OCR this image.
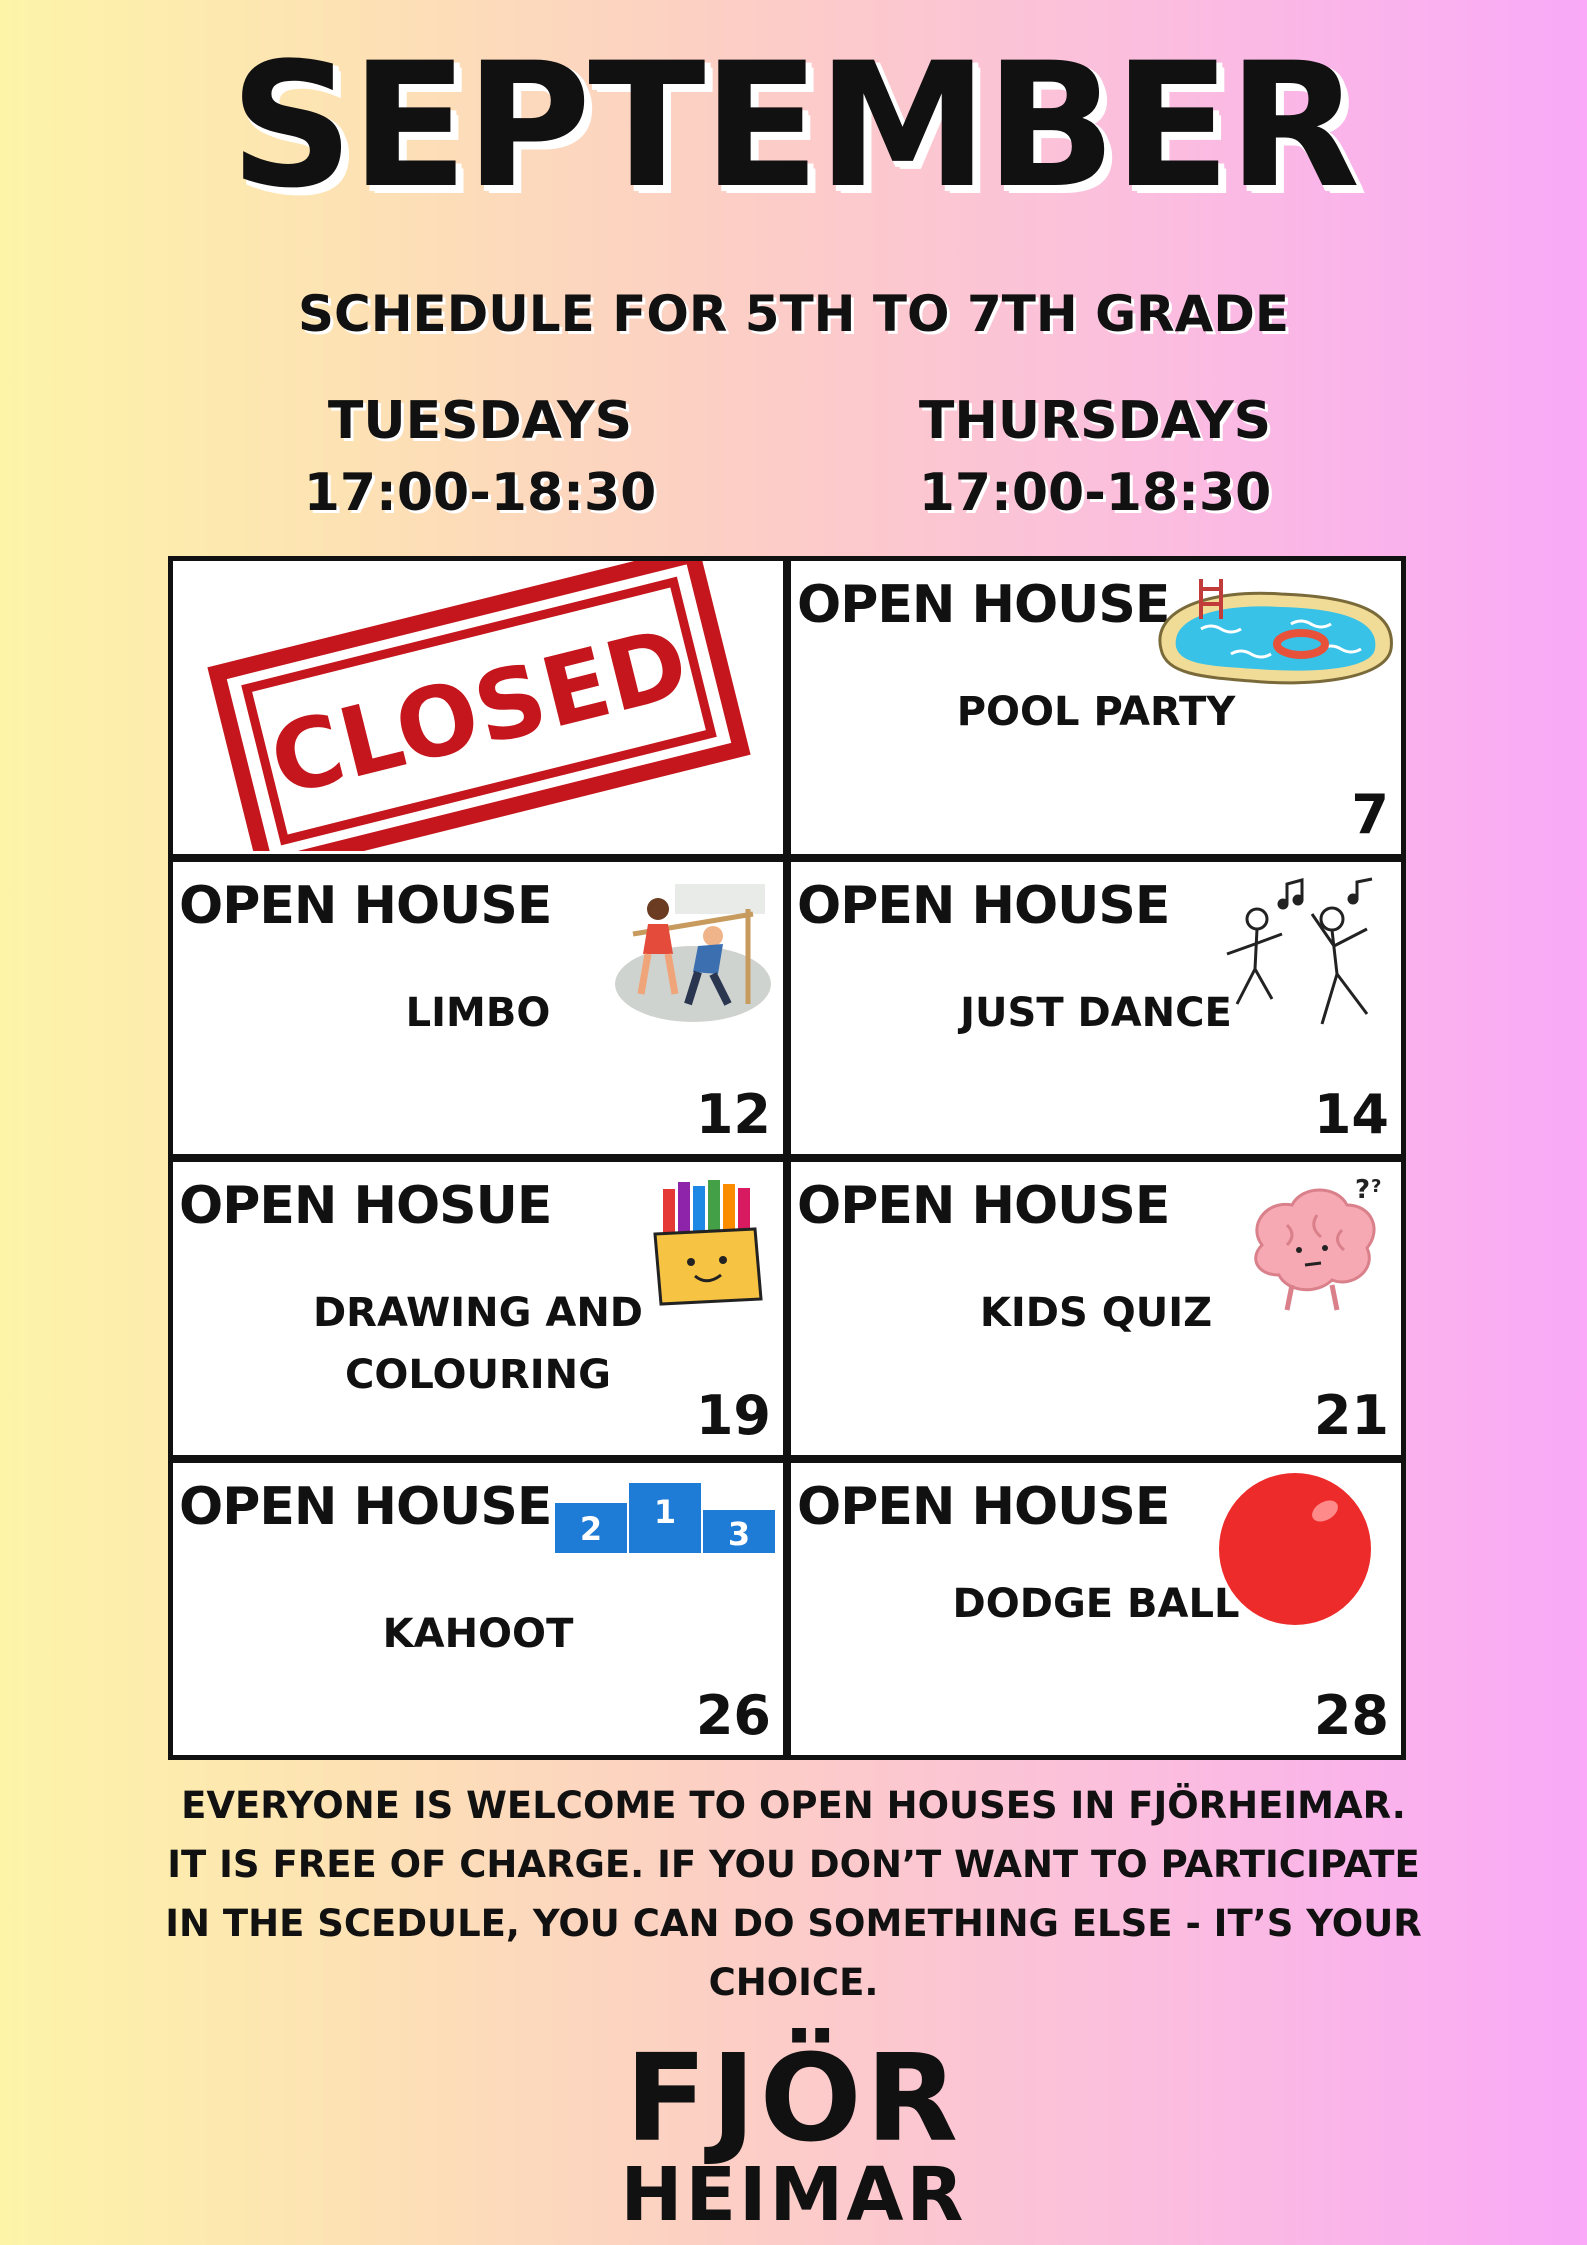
SEPTEMBER
SCHEDULE FOR 5TH TO 7TH GRADE
TUESDAYS
17:00-18:30
THURSDAYS
17:00-18:30
CLOSED
OPEN HOUSE
POOL PARTY
7
OPEN HOUSE
LIMBO
12
OPEN HOUSE
JUST DANCE
14
OPEN HOSUE
DRAWING AND
COLOURING
19
OPEN HOUSE	? ?
KIDS QUIZ
21
OPEN HOUSE 2 1
3
KAHOOT
26
OPEN HOUSE
DODGE BALL
28
EVERYONE IS WELCOME TO OPEN HOUSES IN FJÖRHEIMAR.
IT IS FREE OF CHARGE. IF YOU DON’T WANT TO PARTICIPATE
IN THE SCEDULE, YOU CAN DO SOMETHING ELSE - IT’S YOUR
CHOICE.
FJÖR
HEIMAR
